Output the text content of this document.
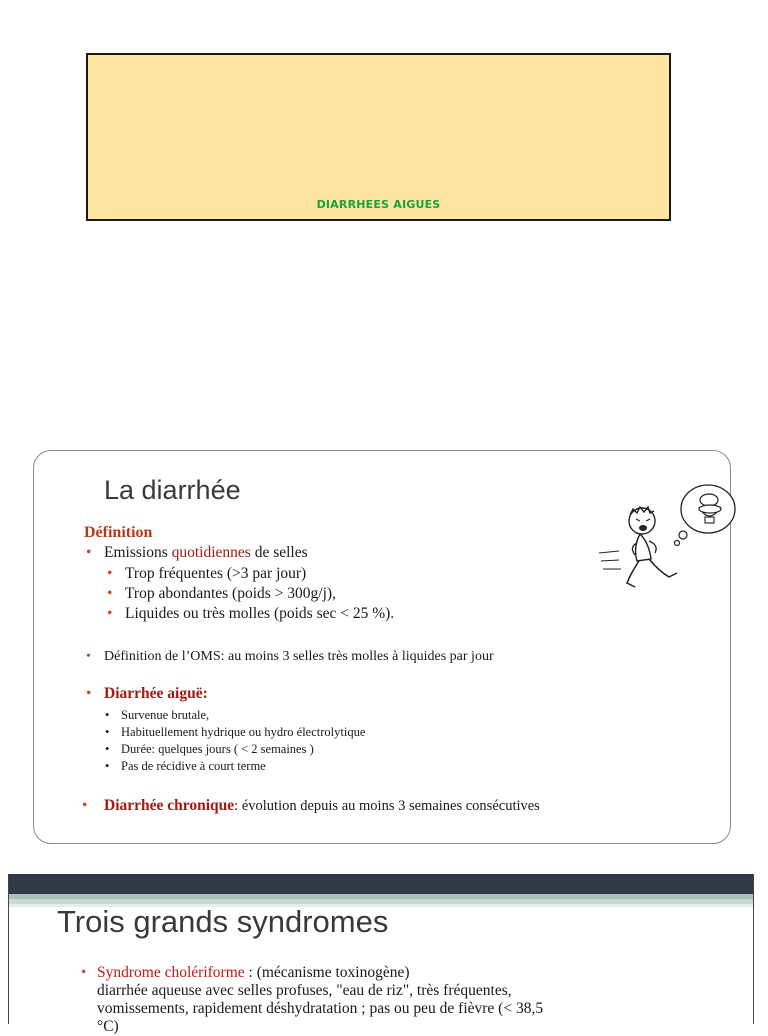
DIARRHEES AIGUES
La diarrhée
Définition
• Emissions quotidiennes de selles
• Trop fréquentes (>3 par jour)
• Trop abondantes (poids > 300g/j),
• Liquides ou très molles (poids sec < 25 %).
• Définition de l’OMS: au moins 3 selles très molles à liquides par jour
• Diarrhée aiguë:
• Survenue brutale,
• Habituellement hydrique ou hydro électrolytique
• Durée: quelques jours ( < 2 semaines )
• Pas de récidive à court terme
• Diarrhée chronique: évolution depuis au moins 3 semaines consécutives
Trois grands syndromes
• Syndrome cholériforme : (mécanisme toxinogène)
diarrhée aqueuse avec selles profuses, "eau de riz", très fréquentes,
vomissements, rapidement déshydratation ; pas ou peu de fièvre (< 38,5
°C)
